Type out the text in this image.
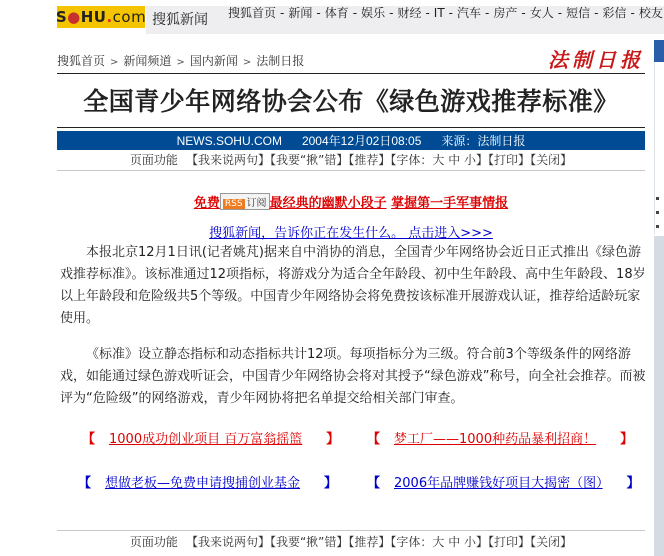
S ● HU . com 搜狐新闻 搜狐首页 - 新闻 - 体育 - 娱乐 - 财经 - IT - 汽车 - 房产 - 女人 - 短信 - 彩信 - 校友
搜狐首页 > 新闻频道 > 国内新闻 > 法制日报	法制日报
全国青少年网络协会公布《绿色游戏推荐标准》
NEWS.SOHU.COM 2004年12月02日08:05 来源：法制日报
页面功能 【我来说两句】【我要“揪”错】【推荐】【字体：大 中 小】【打印】【关闭】
免费 RSS 订阅 最经典的幽默小段子 掌握第一手军事情报
搜狐新闻，告诉你正在发生什么。 点击进入>>>

本报北京12月1日讯(记者姚芃)据来自中消协的消息，全国青少年网络协会近日正式推出《绿色游戏推荐标准》。该标准通过12项指标，将游戏分为适合全年龄段、初中生年龄段、高中生年龄段、18岁以上年龄段和危险级共5个等级。中国青少年网络协会将免费按该标准开展游戏认证，推荐给适龄玩家使用。

《标准》设立静态指标和动态指标共计12项。每项指标分为三级。符合前3个等级条件的网络游戏，如能通过绿色游戏听证会，中国青少年网络协会将对其授予“绿色游戏”称号，向全社会推荐。而被评为“危险级”的网络游戏，青少年网协将把名单提交给相关部门审查。

【 1000成功创业项目 百万富翁摇篮 】 【 梦工厂——1000种药品暴利招商！ 】
【 想做老板—免费申请搜捕创业基金 】 【 2006年品牌赚钱好项目大揭密（图） 】
页面功能 【我来说两句】【我要“揪”错】【推荐】【字体：大 中 小】【打印】【关闭】
